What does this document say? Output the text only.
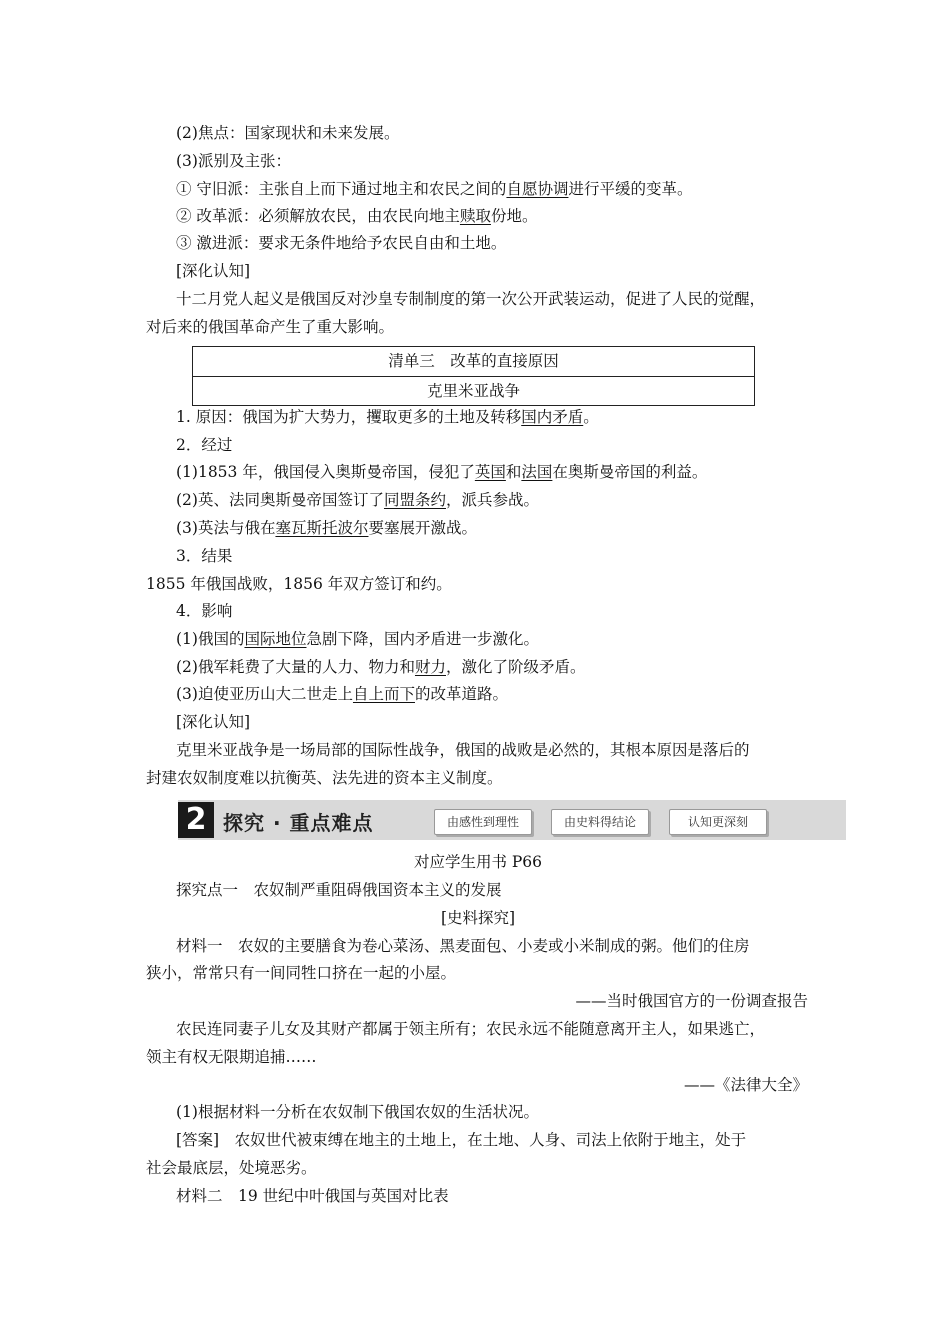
(2)焦点：国家现状和未来发展。
(3)派别及主张：
① 守旧派：主张自上而下通过地主和农民之间的自愿协调进行平缓的变革。
② 改革派：必须解放农民，由农民向地主赎取份地。
③ 激进派：要求无条件地给予农民自由和土地。
[深化认知]
十二月党人起义是俄国反对沙皇专制制度的第一次公开武装运动，促进了人民的觉醒，
对后来的俄国革命产生了重大影响。
清单三　改革的直接原因
克里米亚战争
1. 原因：俄国为扩大势力，攫取更多的土地及转移国内矛盾。
2．经过
(1)1853 年，俄国侵入奥斯曼帝国，侵犯了英国和法国在奥斯曼帝国的利益。
(2)英、法同奥斯曼帝国签订了同盟条约，派兵参战。
(3)英法与俄在塞瓦斯托波尔要塞展开激战。
3．结果
1855 年俄国战败，1856 年双方签订和约。
4．影响
(1)俄国的国际地位急剧下降，国内矛盾进一步激化。
(2)俄军耗费了大量的人力、物力和财力，激化了阶级矛盾。
(3)迫使亚历山大二世走上自上而下的改革道路。
[深化认知]
克里米亚战争是一场局部的国际性战争，俄国的战败是必然的，其根本原因是落后的
封建农奴制度难以抗衡英、法先进的资本主义制度。
2 探究 · 重点难点	由感性到理性	由史料得结论	认知更深刻
对应学生用书 P66
探究点一　农奴制严重阻碍俄国资本主义的发展
[史料探究]
材料一　农奴的主要膳食为卷心菜汤、黑麦面包、小麦或小米制成的粥。他们的住房
狭小，常常只有一间同牲口挤在一起的小屋。
——当时俄国官方的一份调查报告
农民连同妻子儿女及其财产都属于领主所有；农民永远不能随意离开主人，如果逃亡，
领主有权无限期追捕……
——《法律大全》
(1)根据材料一分析在农奴制下俄国农奴的生活状况。
[答案]　农奴世代被束缚在地主的土地上，在土地、人身、司法上依附于地主，处于
社会最底层，处境恶劣。
材料二　19 世纪中叶俄国与英国对比表
